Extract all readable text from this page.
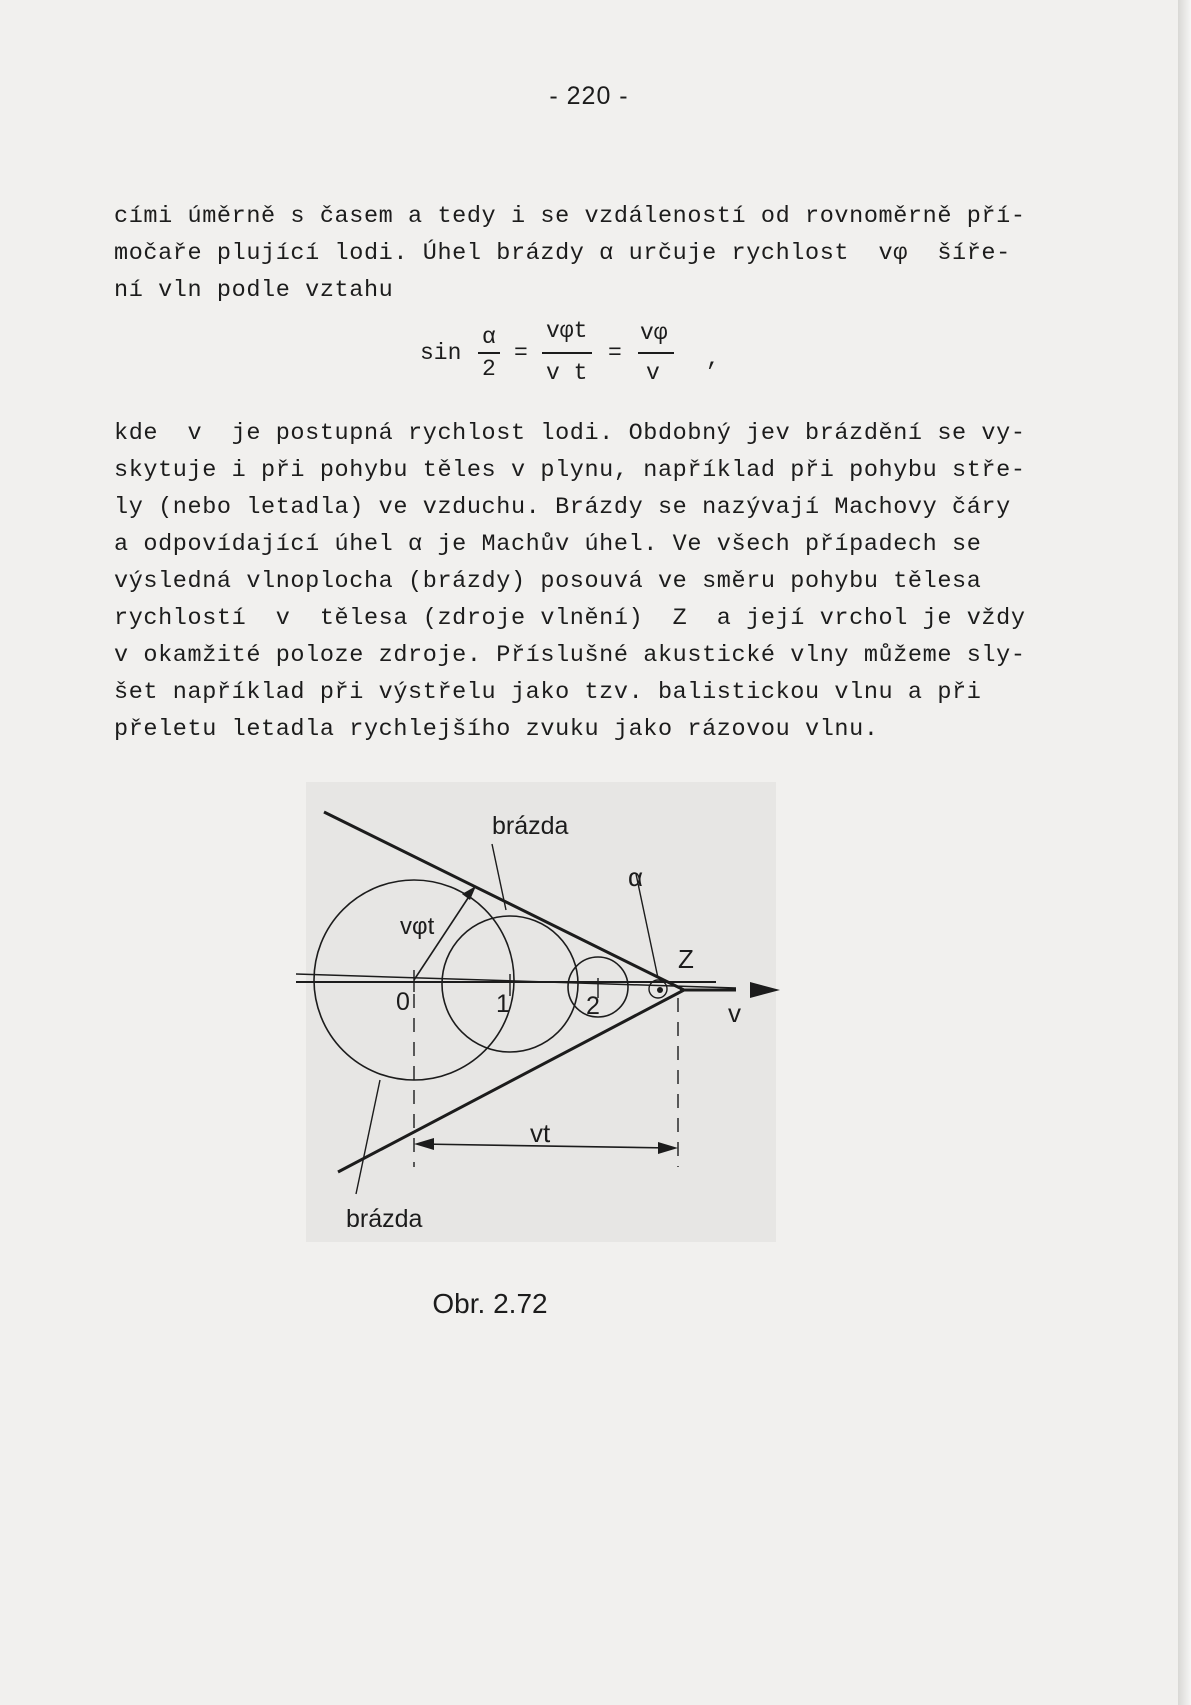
- 220 -
cími úměrně s časem a tedy i se vzdáleností od rovnoměrně pří-
močaře plující lodi. Úhel brázdy α určuje rychlost  vφ  šíře-
ní vln podle vztahu
sin
α
2
=
vφt
v t
=
vφ
v
,
kde  v  je postupná rychlost lodi. Obdobný jev brázdění se vy-
skytuje i při pohybu těles v plynu, například při pohybu stře-
ly (nebo letadla) ve vzduchu. Brázdy se nazývají Machovy čáry
a odpovídající úhel α je Machův úhel. Ve všech případech se
výsledná vlnoplocha (brázdy) posouvá ve směru pohybu tělesa
rychlostí  v  tělesa (zdroje vlnění)  Z  a její vrchol je vždy
v okamžité poloze zdroje. Příslušné akustické vlny můžeme sly-
šet například při výstřelu jako tzv. balistickou vlnu a při
přeletu letadla rychlejšího zvuku jako rázovou vlnu.
brázda
brázda
α
vφt
Z
v
vt
0	1	2
Obr. 2.72
